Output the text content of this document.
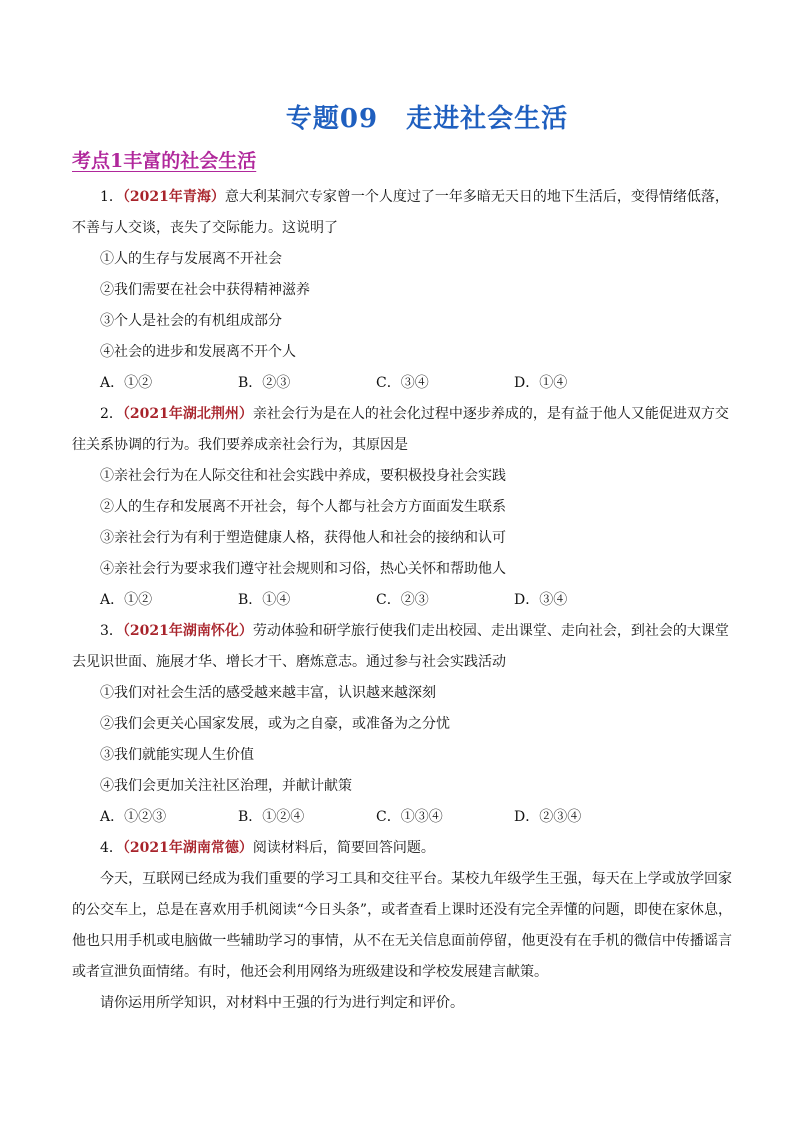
专题09 走进社会生活
考点1丰富的社会生活
1．（2021年青海）意大利某洞穴专家曾一个人度过了一年多暗无天日的地下生活后，变得情绪低落，
不善与人交谈，丧失了交际能力。这说明了
①人的生存与发展离不开社会
②我们需要在社会中获得精神滋养
③个人是社会的有机组成部分
④社会的进步和发展离不开个人
A．①②	B．②③	C．③④	D．①④
2．（2021年湖北荆州）亲社会行为是在人的社会化过程中逐步养成的，是有益于他人又能促进双方交
往关系协调的行为。我们要养成亲社会行为，其原因是
①亲社会行为在人际交往和社会实践中养成，要积极投身社会实践
②人的生存和发展离不开社会，每个人都与社会方方面面发生联系
③亲社会行为有利于塑造健康人格，获得他人和社会的接纳和认可
④亲社会行为要求我们遵守社会规则和习俗，热心关怀和帮助他人
A．①②	B．①④	C．②③	D．③④
3．（2021年湖南怀化）劳动体验和研学旅行使我们走出校园、走出课堂、走向社会，到社会的大课堂
去见识世面、施展才华、增长才干、磨炼意志。通过参与社会实践活动
①我们对社会生活的感受越来越丰富，认识越来越深刻
②我们会更关心国家发展，或为之自豪，或准备为之分忧
③我们就能实现人生价值
④我们会更加关注社区治理，并献计献策
A．①②③	B．①②④	C．①③④	D．②③④
4．（2021年湖南常德）阅读材料后，简要回答问题。
今天，互联网已经成为我们重要的学习工具和交往平台。某校九年级学生王强，每天在上学或放学回家的公交车上，总是在喜欢用手机阅读“今日头条”，或者查看上课时还没有完全弄懂的问题，即使在家休息，他也只用手机或电脑做一些辅助学习的事情，从不在无关信息面前停留，他更没有在手机的微信中传播谣言或者宣泄负面情绪。有时，他还会利用网络为班级建设和学校发展建言献策。
请你运用所学知识，对材料中王强的行为进行判定和评价。
